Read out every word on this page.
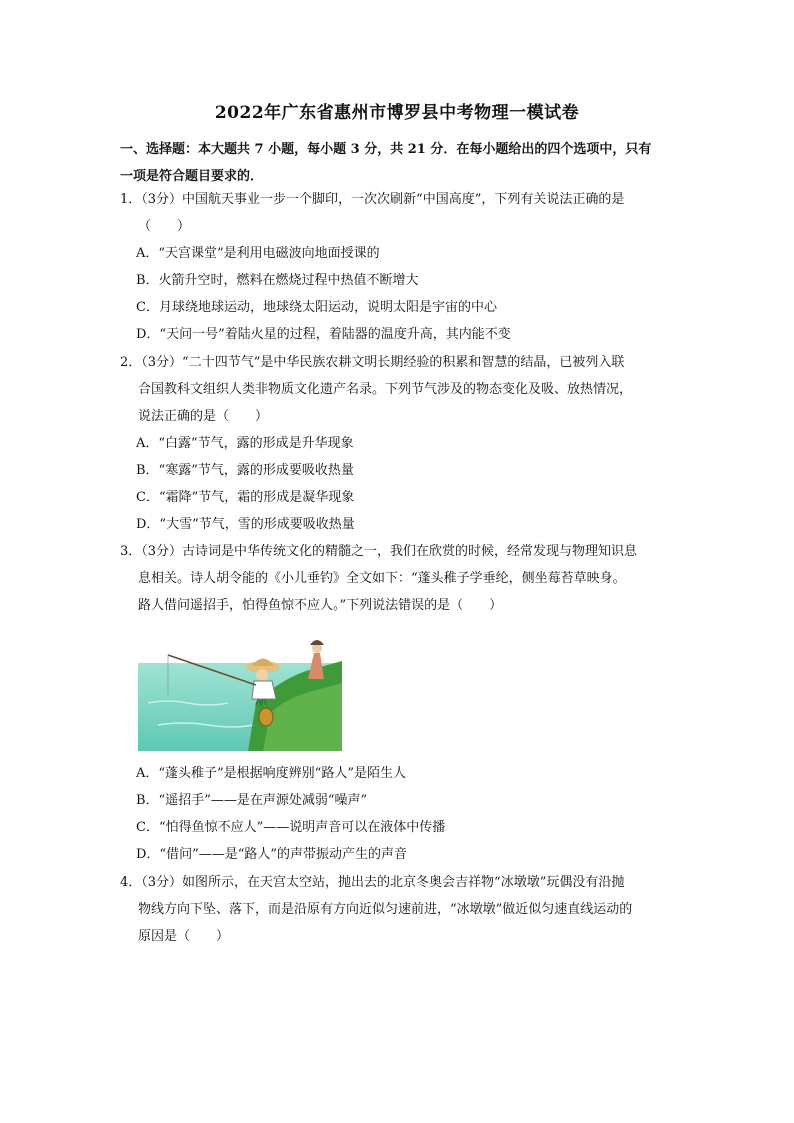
2022年广东省惠州市博罗县中考物理一模试卷
一、选择题：本大题共 7 小题，每小题 3 分，共 21 分．在每小题给出的四个选项中，只有
一项是符合题目要求的．
1．（3分）中国航天事业一步一个脚印，一次次刷新“中国高度”，下列有关说法正确的是
（　　）
A．“天宫课堂”是利用电磁波向地面授课的
B．火箭升空时，燃料在燃烧过程中热值不断增大
C．月球绕地球运动，地球绕太阳运动，说明太阳是宇宙的中心
D．“天问一号”着陆火星的过程，着陆器的温度升高，其内能不变
2．（3分）“二十四节气”是中华民族农耕文明长期经验的积累和智慧的结晶，已被列入联
合国教科文组织人类非物质文化遗产名录。下列节气涉及的物态变化及吸、放热情况，
说法正确的是（　　）
A．“白露”节气，露的形成是升华现象
B．“寒露”节气，露的形成要吸收热量
C．“霜降”节气，霜的形成是凝华现象
D．“大雪”节气，雪的形成要吸收热量
3．（3分）古诗词是中华传统文化的精髓之一，我们在欣赏的时候，经常发现与物理知识息
息相关。诗人胡令能的《小儿垂钓》全文如下：“蓬头稚子学垂纶，侧坐莓苔草映身。
路人借问遥招手，怕得鱼惊不应人。”下列说法错误的是（　　）
A．“蓬头稚子”是根据响度辨别“路人”是陌生人
B．“遥招手”——是在声源处减弱“噪声”
C．“怕得鱼惊不应人”——说明声音可以在液体中传播
D．“借问”——是“路人”的声带振动产生的声音
4．（3分）如图所示，在天宫太空站，抛出去的北京冬奥会吉祥物“冰墩墩”玩偶没有沿抛
物线方向下坠、落下，而是沿原有方向近似匀速前进，“冰墩墩”做近似匀速直线运动的
原因是（　　）
